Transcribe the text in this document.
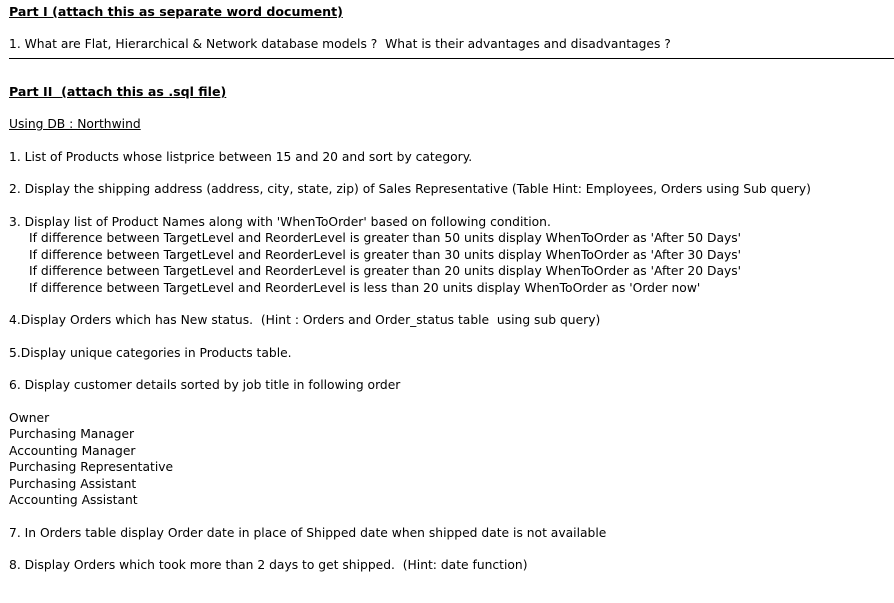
Part I (attach this as separate word document)
1. What are Flat, Hierarchical & Network database models ?  What is their advantages and disadvantages ?
Part II  (attach this as .sql file)
Using DB : Northwind
1. List of Products whose listprice between 15 and 20 and sort by category.
2. Display the shipping address (address, city, state, zip) of Sales Representative (Table Hint: Employees, Orders using Sub query)
3. Display list of Product Names along with 'WhenToOrder' based on following condition.
If difference between TargetLevel and ReorderLevel is greater than 50 units display WhenToOrder as 'After 50 Days'
If difference between TargetLevel and ReorderLevel is greater than 30 units display WhenToOrder as 'After 30 Days'
If difference between TargetLevel and ReorderLevel is greater than 20 units display WhenToOrder as 'After 20 Days'
If difference between TargetLevel and ReorderLevel is less than 20 units display WhenToOrder as 'Order now'
4.Display Orders which has New status.  (Hint : Orders and Order_status table  using sub query)
5.Display unique categories in Products table.
6. Display customer details sorted by job title in following order
Owner
Purchasing Manager
Accounting Manager
Purchasing Representative
Purchasing Assistant
Accounting Assistant
7. In Orders table display Order date in place of Shipped date when shipped date is not available
8. Display Orders which took more than 2 days to get shipped.  (Hint: date function)
